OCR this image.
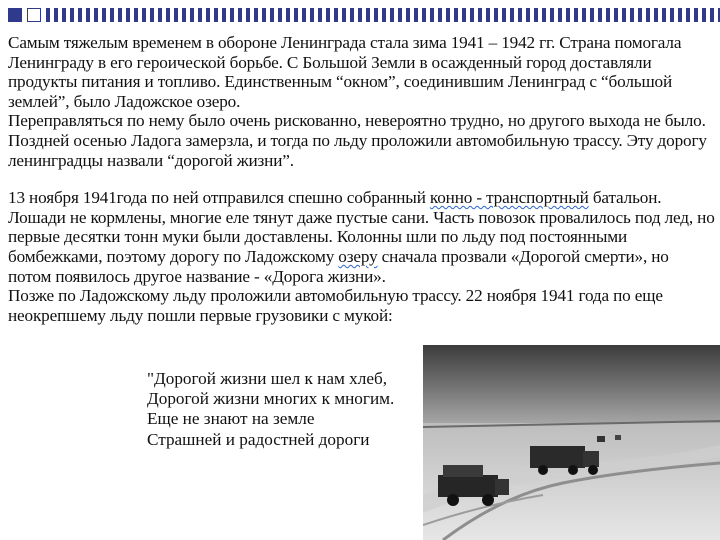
Самым тяжелым временем в обороне Ленинграда стала зима 1941 – 1942 гг. Страна помогала Ленинграду в его героической борьбе. С Большой Земли в осажденный город доставляли продукты питания и топливо. Единственным “окном”, соединившим Ленинград с “большой землей”, было Ладожское озеро.

Переправляться по нему было очень рискованно, невероятно трудно, но другого выхода не было.

Поздней осенью Ладога замерзла, и тогда по льду проложили автомобильную трассу. Эту дорогу ленинградцы назвали “дорогой жизни”.

13 ноября 1941года по ней отправился спешно собранный конно - транспортный батальон. Лошади не кормлены, многие еле тянут даже пустые сани. Часть повозок провалилось под лед, но первые десятки тонн муки были доставлены. Колонны шли по льду под постоянными бомбежками, поэтому дорогу по Ладожскому озеру сначала прозвали «Дорогой смерти», но потом появилось другое название - «Дорога жизни».

Позже по Ладожскому льду проложили автомобильную трассу. 22 ноября 1941 года по еще неокрепшему льду пошли первые грузовики с мукой:

"Дорогой жизни шел к нам хлеб,
Дорогой жизни многих к многим.
Еще не знают на земле
Страшней и радостней дороги
